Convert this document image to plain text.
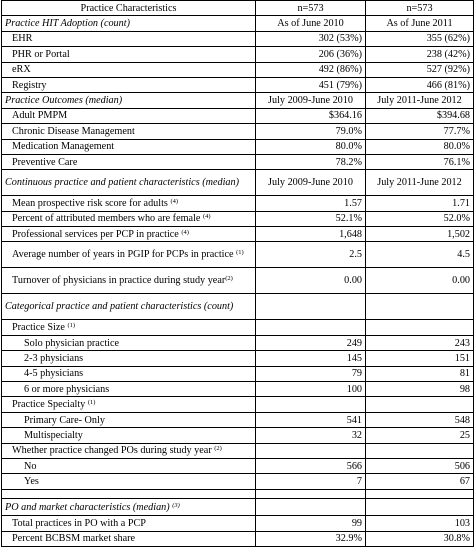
Practice Characteristics	n=573	n=573
Practice HIT Adoption (count)	As of June 2010	As of June 2011
EHR	302 (53%)	355 (62%)
PHR or Portal	206 (36%)	238 (42%)
eRX	492 (86%)	527 (92%)
Registry	451 (79%)	466 (81%)
Practice Outcomes (median)	July 2009-June 2010	July 2011-June 2012
Adult PMPM	$364.16	$394.68
Chronic Disease Management	79.0%	77.7%
Medication Management	80.0%	80.0%
Preventive Care	78.2%	76.1%
Continuous practice and patient characteristics (median)	July 2009-June 2010	July 2011-June 2012
Mean prospective risk score for adults $^{(4)}$	1.57	1.71
Percent of attributed members who are female $^{(4)}$	52.1%	52.0%
Professional services per PCP in practice $^{(4)}$	1,648	1,502
Average number of years in PGIP for PCPs in practice $^{(1)}$	2.5	4.5
Turnover of physicians in practice during study year$^{(2)}$	0.00	0.00
Categorical practice and patient characteristics (count)		
Practice Size $^{(1)}$		
Solo physician practice	249	243
2-3 physicians	145	151
4-5 physicians	79	81
6 or more physicians	100	98
Practice Specialty $^{(1)}$		
Primary Care- Only	541	548
Multispecialty	32	25
Whether practice changed POs during study year $^{(2)}$		
No	566	506
Yes	7	67

PO and market characteristics (median) $^{(3)}$		
Total practices in PO with a PCP	99	103
Percent BCBSM market share	32.9%	30.8%
